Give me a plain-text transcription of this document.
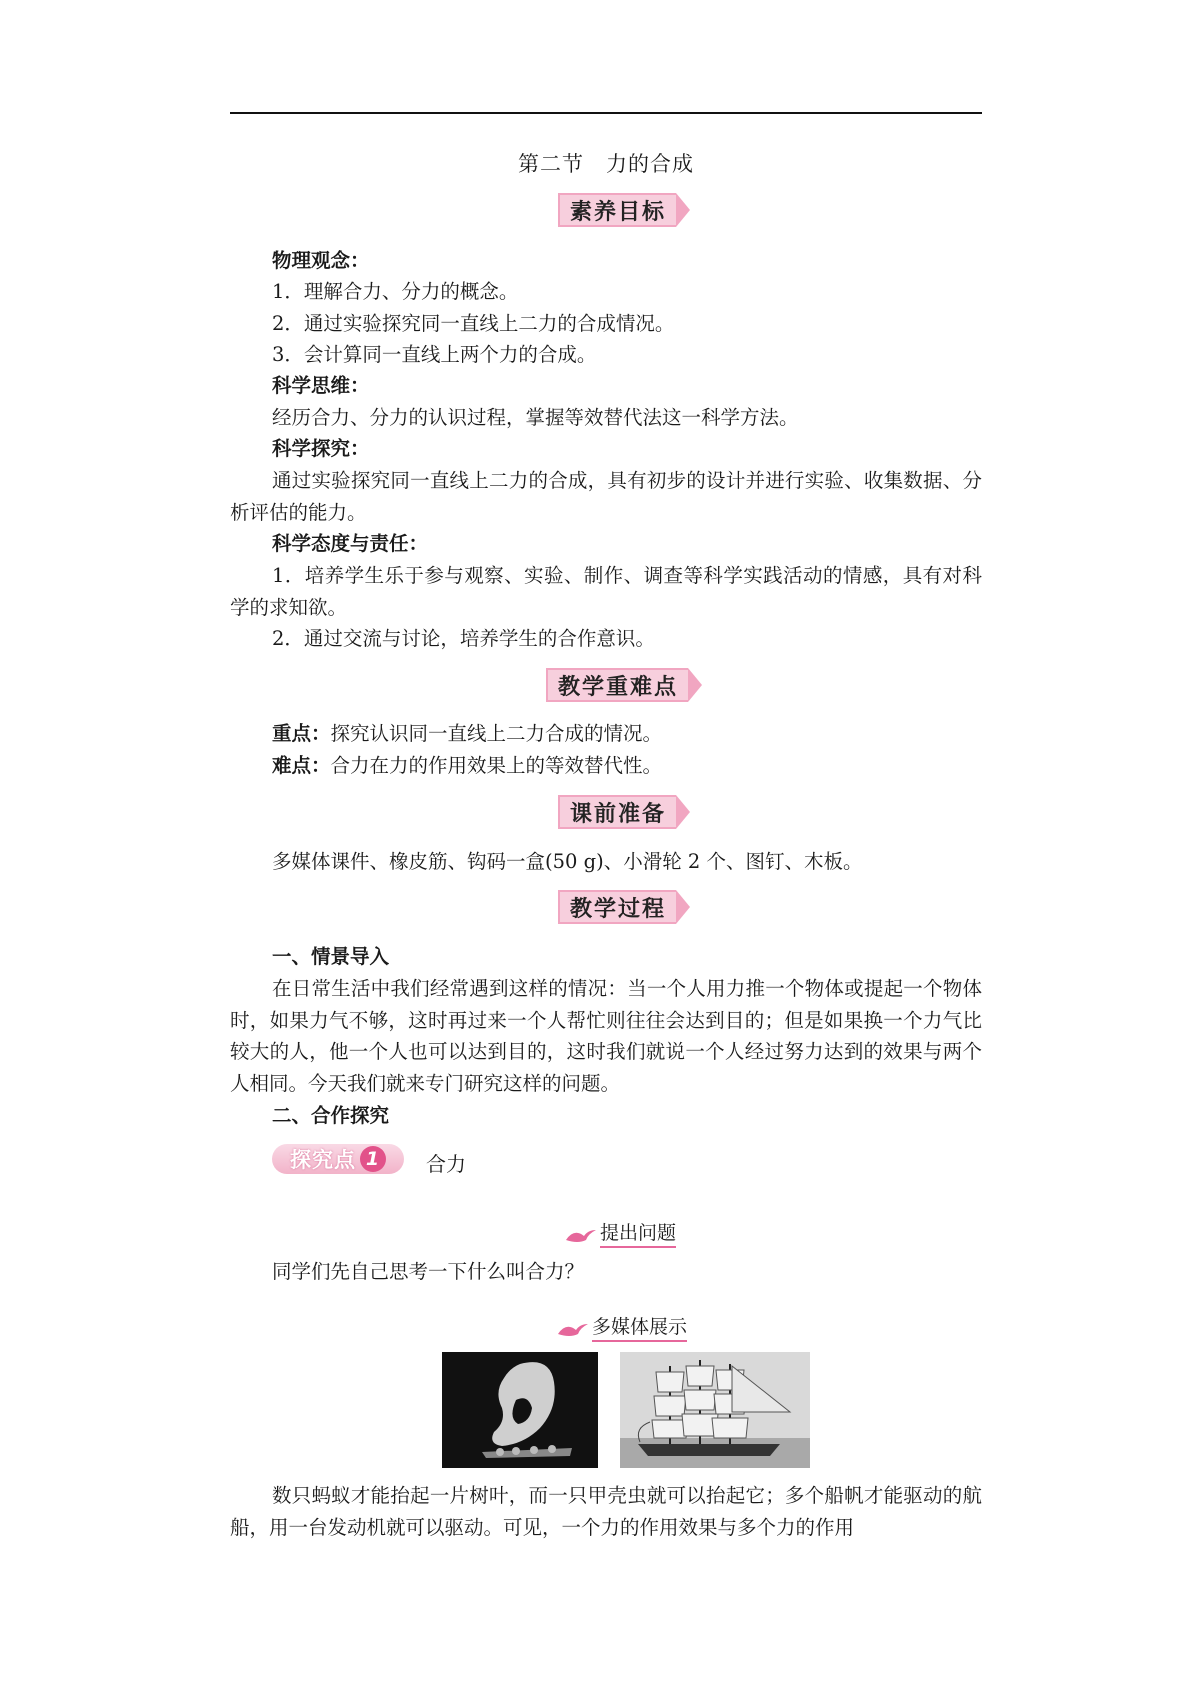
第二节　力的合成
素养目标
物理观念：
1．理解合力、分力的概念。
2．通过实验探究同一直线上二力的合成情况。
3．会计算同一直线上两个力的合成。
科学思维：
经历合力、分力的认识过程，掌握等效替代法这一科学方法。
科学探究：
通过实验探究同一直线上二力的合成，具有初步的设计并进行实验、收集数据、分析评估的能力。
科学态度与责任：
1．培养学生乐于参与观察、实验、制作、调查等科学实践活动的情感，具有对科学的求知欲。
2．通过交流与讨论，培养学生的合作意识。
教学重难点
重点：探究认识同一直线上二力合成的情况。
难点：合力在力的作用效果上的等效替代性。
课前准备
多媒体课件、橡皮筋、钩码一盒(50 g)、小滑轮 2 个、图钉、木板。
教学过程
一、情景导入
在日常生活中我们经常遇到这样的情况：当一个人用力推一个物体或提起一个物体时，如果力气不够，这时再过来一个人帮忙则往往会达到目的；但是如果换一个力气比较大的人，他一个人也可以达到目的，这时我们就说一个人经过努力达到的效果与两个人相同。今天我们就来专门研究这样的问题。
二、合作探究
探究点 1 合力
提出问题
同学们先自己思考一下什么叫合力？
多媒体展示
数只蚂蚁才能抬起一片树叶，而一只甲壳虫就可以抬起它；多个船帆才能驱动的航船，用一台发动机就可以驱动。可见，一个力的作用效果与多个力的作用
